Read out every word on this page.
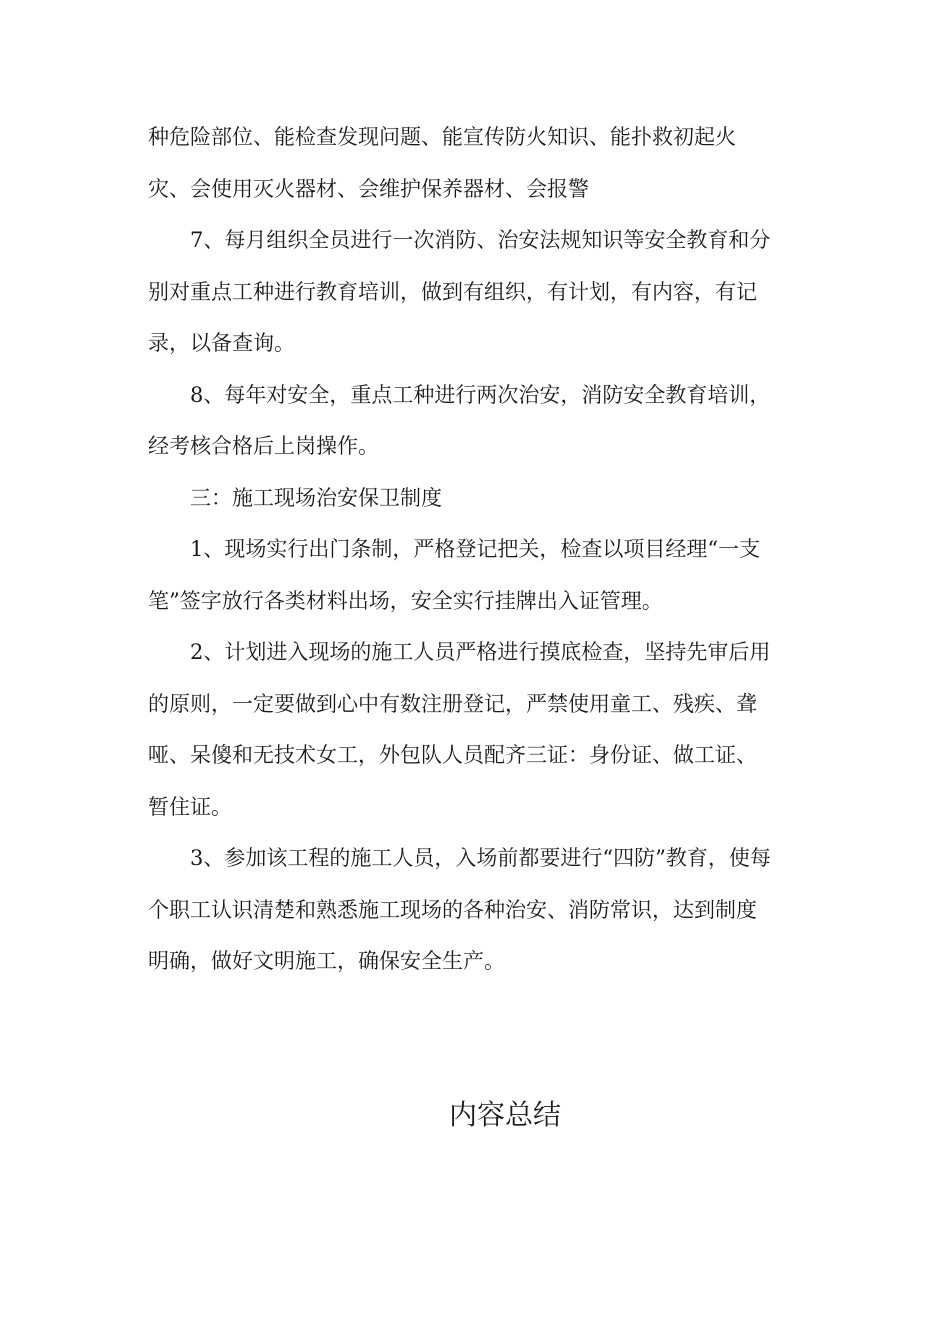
种危险部位、能检查发现问题、能宣传防火知识、能扑救初起火
灾、会使用灭火器材、会维护保养器材、会报警
　　7、每月组织全员进行一次消防、治安法规知识等安全教育和分
别对重点工种进行教育培训，做到有组织，有计划，有内容，有记
录，以备查询。
　　8、每年对安全，重点工种进行两次治安，消防安全教育培训，
经考核合格后上岗操作。
　　三：施工现场治安保卫制度
　　1、现场实行出门条制，严格登记把关，检查以项目经理“一支
笔”签字放行各类材料出场，安全实行挂牌出入证管理。
　　2、计划进入现场的施工人员严格进行摸底检查，坚持先审后用
的原则，一定要做到心中有数注册登记，严禁使用童工、残疾、聋
哑、呆傻和无技术女工，外包队人员配齐三证：身份证、做工证、
暂住证。
　　3、参加该工程的施工人员，入场前都要进行“四防”教育，使每
个职工认识清楚和熟悉施工现场的各种治安、消防常识，达到制度
明确，做好文明施工，确保安全生产。
内容总结
